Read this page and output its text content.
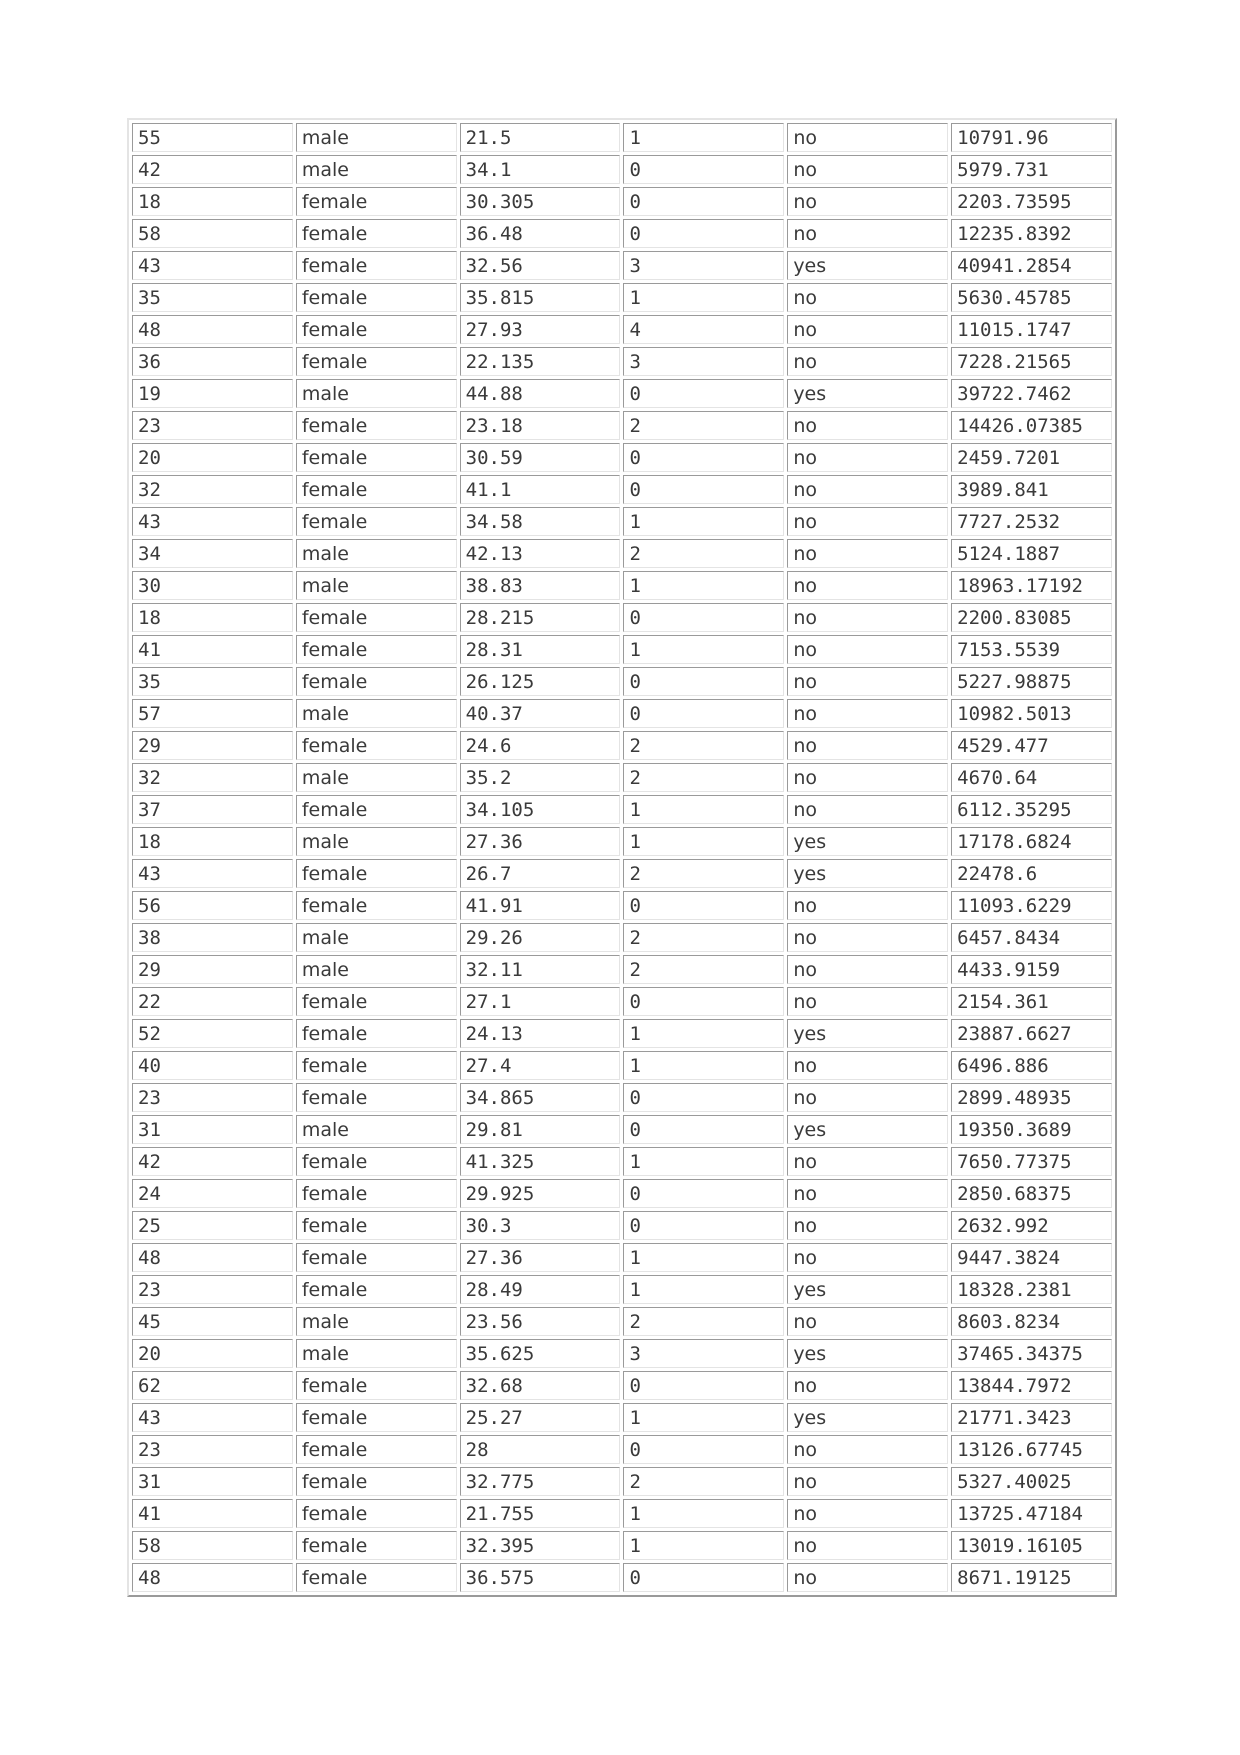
55	male	21.5	1	no	10791.96
42	male	34.1	0	no	5979.731
18	female	30.305	0	no	2203.73595
58	female	36.48	0	no	12235.8392
43	female	32.56	3	yes	40941.2854
35	female	35.815	1	no	5630.45785
48	female	27.93	4	no	11015.1747
36	female	22.135	3	no	7228.21565
19	male	44.88	0	yes	39722.7462
23	female	23.18	2	no	14426.07385
20	female	30.59	0	no	2459.7201
32	female	41.1	0	no	3989.841
43	female	34.58	1	no	7727.2532
34	male	42.13	2	no	5124.1887
30	male	38.83	1	no	18963.17192
18	female	28.215	0	no	2200.83085
41	female	28.31	1	no	7153.5539
35	female	26.125	0	no	5227.98875
57	male	40.37	0	no	10982.5013
29	female	24.6	2	no	4529.477
32	male	35.2	2	no	4670.64
37	female	34.105	1	no	6112.35295
18	male	27.36	1	yes	17178.6824
43	female	26.7	2	yes	22478.6
56	female	41.91	0	no	11093.6229
38	male	29.26	2	no	6457.8434
29	male	32.11	2	no	4433.9159
22	female	27.1	0	no	2154.361
52	female	24.13	1	yes	23887.6627
40	female	27.4	1	no	6496.886
23	female	34.865	0	no	2899.48935
31	male	29.81	0	yes	19350.3689
42	female	41.325	1	no	7650.77375
24	female	29.925	0	no	2850.68375
25	female	30.3	0	no	2632.992
48	female	27.36	1	no	9447.3824
23	female	28.49	1	yes	18328.2381
45	male	23.56	2	no	8603.8234
20	male	35.625	3	yes	37465.34375
62	female	32.68	0	no	13844.7972
43	female	25.27	1	yes	21771.3423
23	female	28	0	no	13126.67745
31	female	32.775	2	no	5327.40025
41	female	21.755	1	no	13725.47184
58	female	32.395	1	no	13019.16105
48	female	36.575	0	no	8671.19125
